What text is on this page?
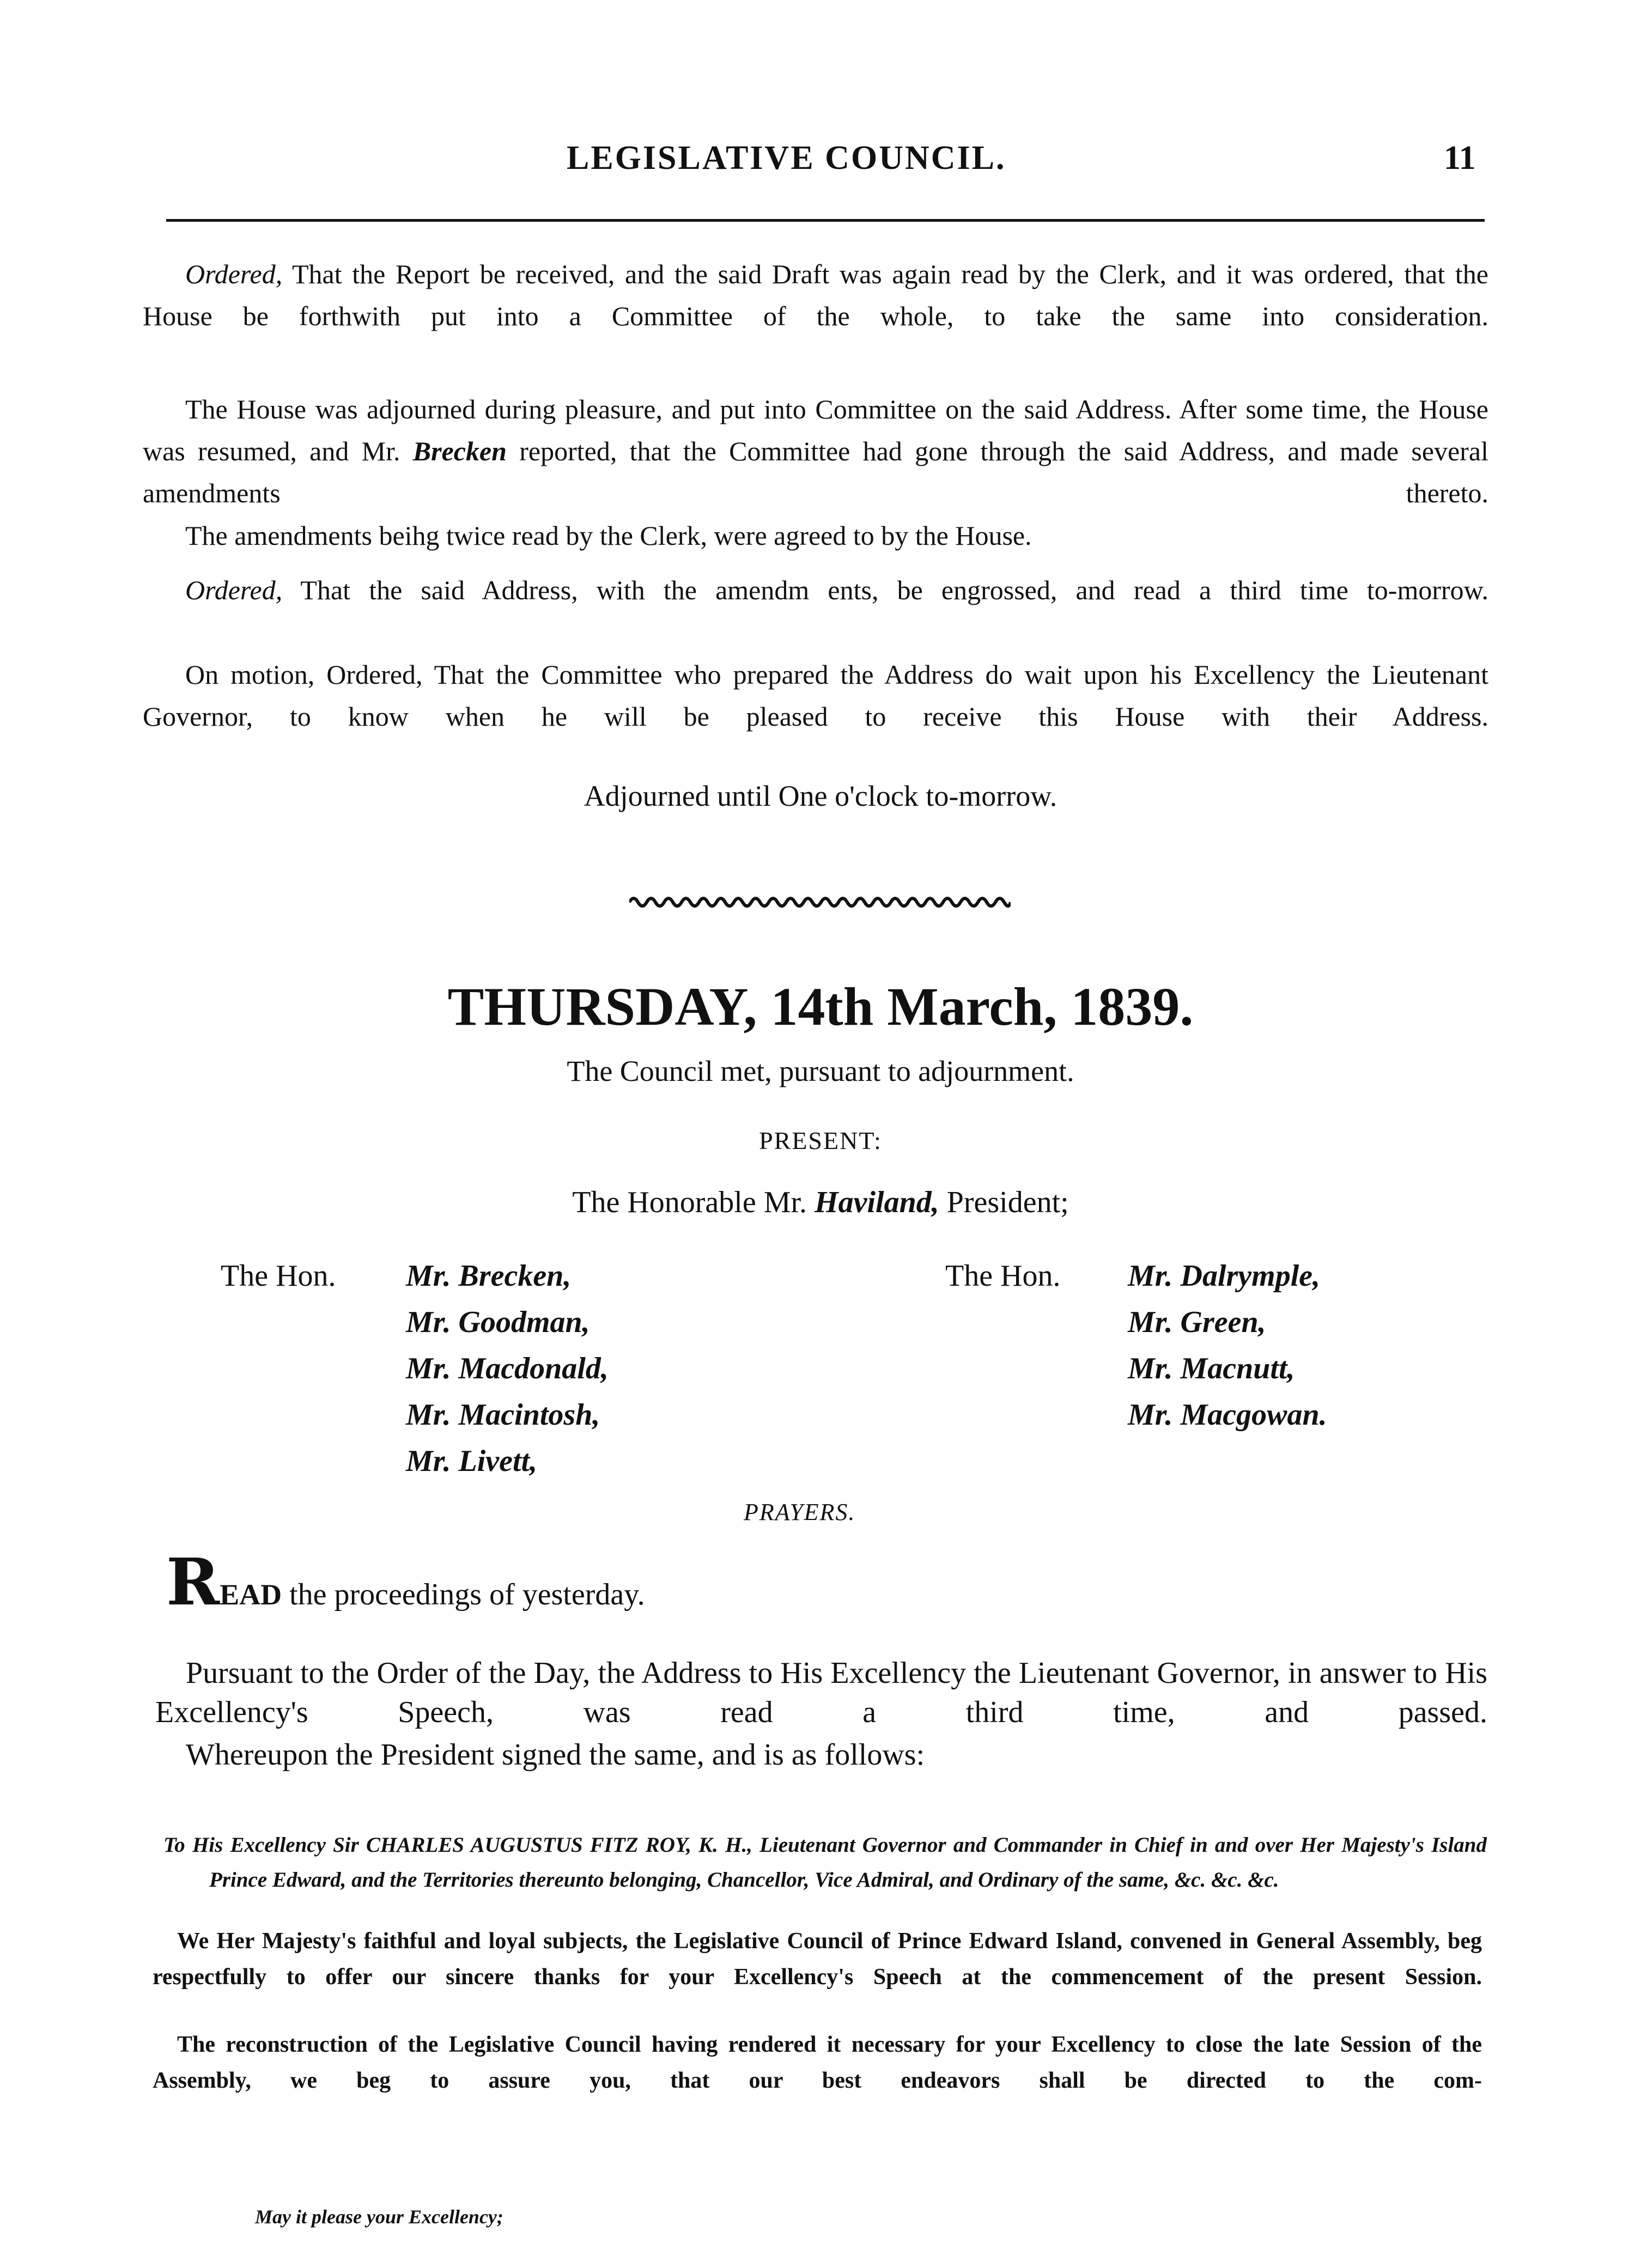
LEGISLATIVE COUNCIL.	11

Ordered, That the Report be received, and the said Draft was again read by the Clerk, and it was ordered, that the House be forthwith put into a Committee of the whole, to take the same into consideration.

The House was adjourned during pleasure, and put into Committee on the said Address. After some time, the House was resumed, and Mr. Brecken reported, that the Committee had gone through the said Address, and made several amendments thereto.

The amendments beihg twice read by the Clerk, were agreed to by the House.

Ordered, That the said Address, with the amendm ents, be engrossed, and read a third time to-morrow.

On motion, Ordered, That the Committee who prepared the Address do wait upon his Excellency the Lieutenant Governor, to know when he will be pleased to receive this House with their Address.

Adjourned until One o'clock to-morrow.
THURSDAY, 14th March, 1839.
The Council met, pursuant to adjournment.
PRESENT:
The Honorable Mr. Haviland, President;
The Hon. Mr. Brecken,
Mr. Goodman,
Mr. Macdonald,
Mr. Macintosh,
Mr. Livett,
The Hon. Mr. Dalrymple,
Mr. Green,
Mr. Macnutt,
Mr. Macgowan.
PRAYERS.
READ the proceedings of yesterday.

Pursuant to the Order of the Day, the Address to His Excellency the Lieutenant Governor, in answer to His Excellency's Speech, was read a third time, and passed.

Whereupon the President signed the same, and is as follows:

To His Excellency Sir CHARLES AUGUSTUS FITZ ROY, K. H., Lieutenant Governor and Commander in Chief in and over Her Majesty's Island Prince Edward, and the Territories thereunto belonging, Chancellor, Vice Admiral, and Ordinary of the same, &c. &c. &c.

May it please your Excellency;

We Her Majesty's faithful and loyal subjects, the Legislative Council of Prince Edward Island, convened in General Assembly, beg respectfully to offer our sincere thanks for your Excellency's Speech at the commencement of the present Session.

The reconstruction of the Legislative Council having rendered it necessary for your Excellency to close the late Session of the Assembly, we beg to assure you, that our best endeavors shall be directed to the com-
